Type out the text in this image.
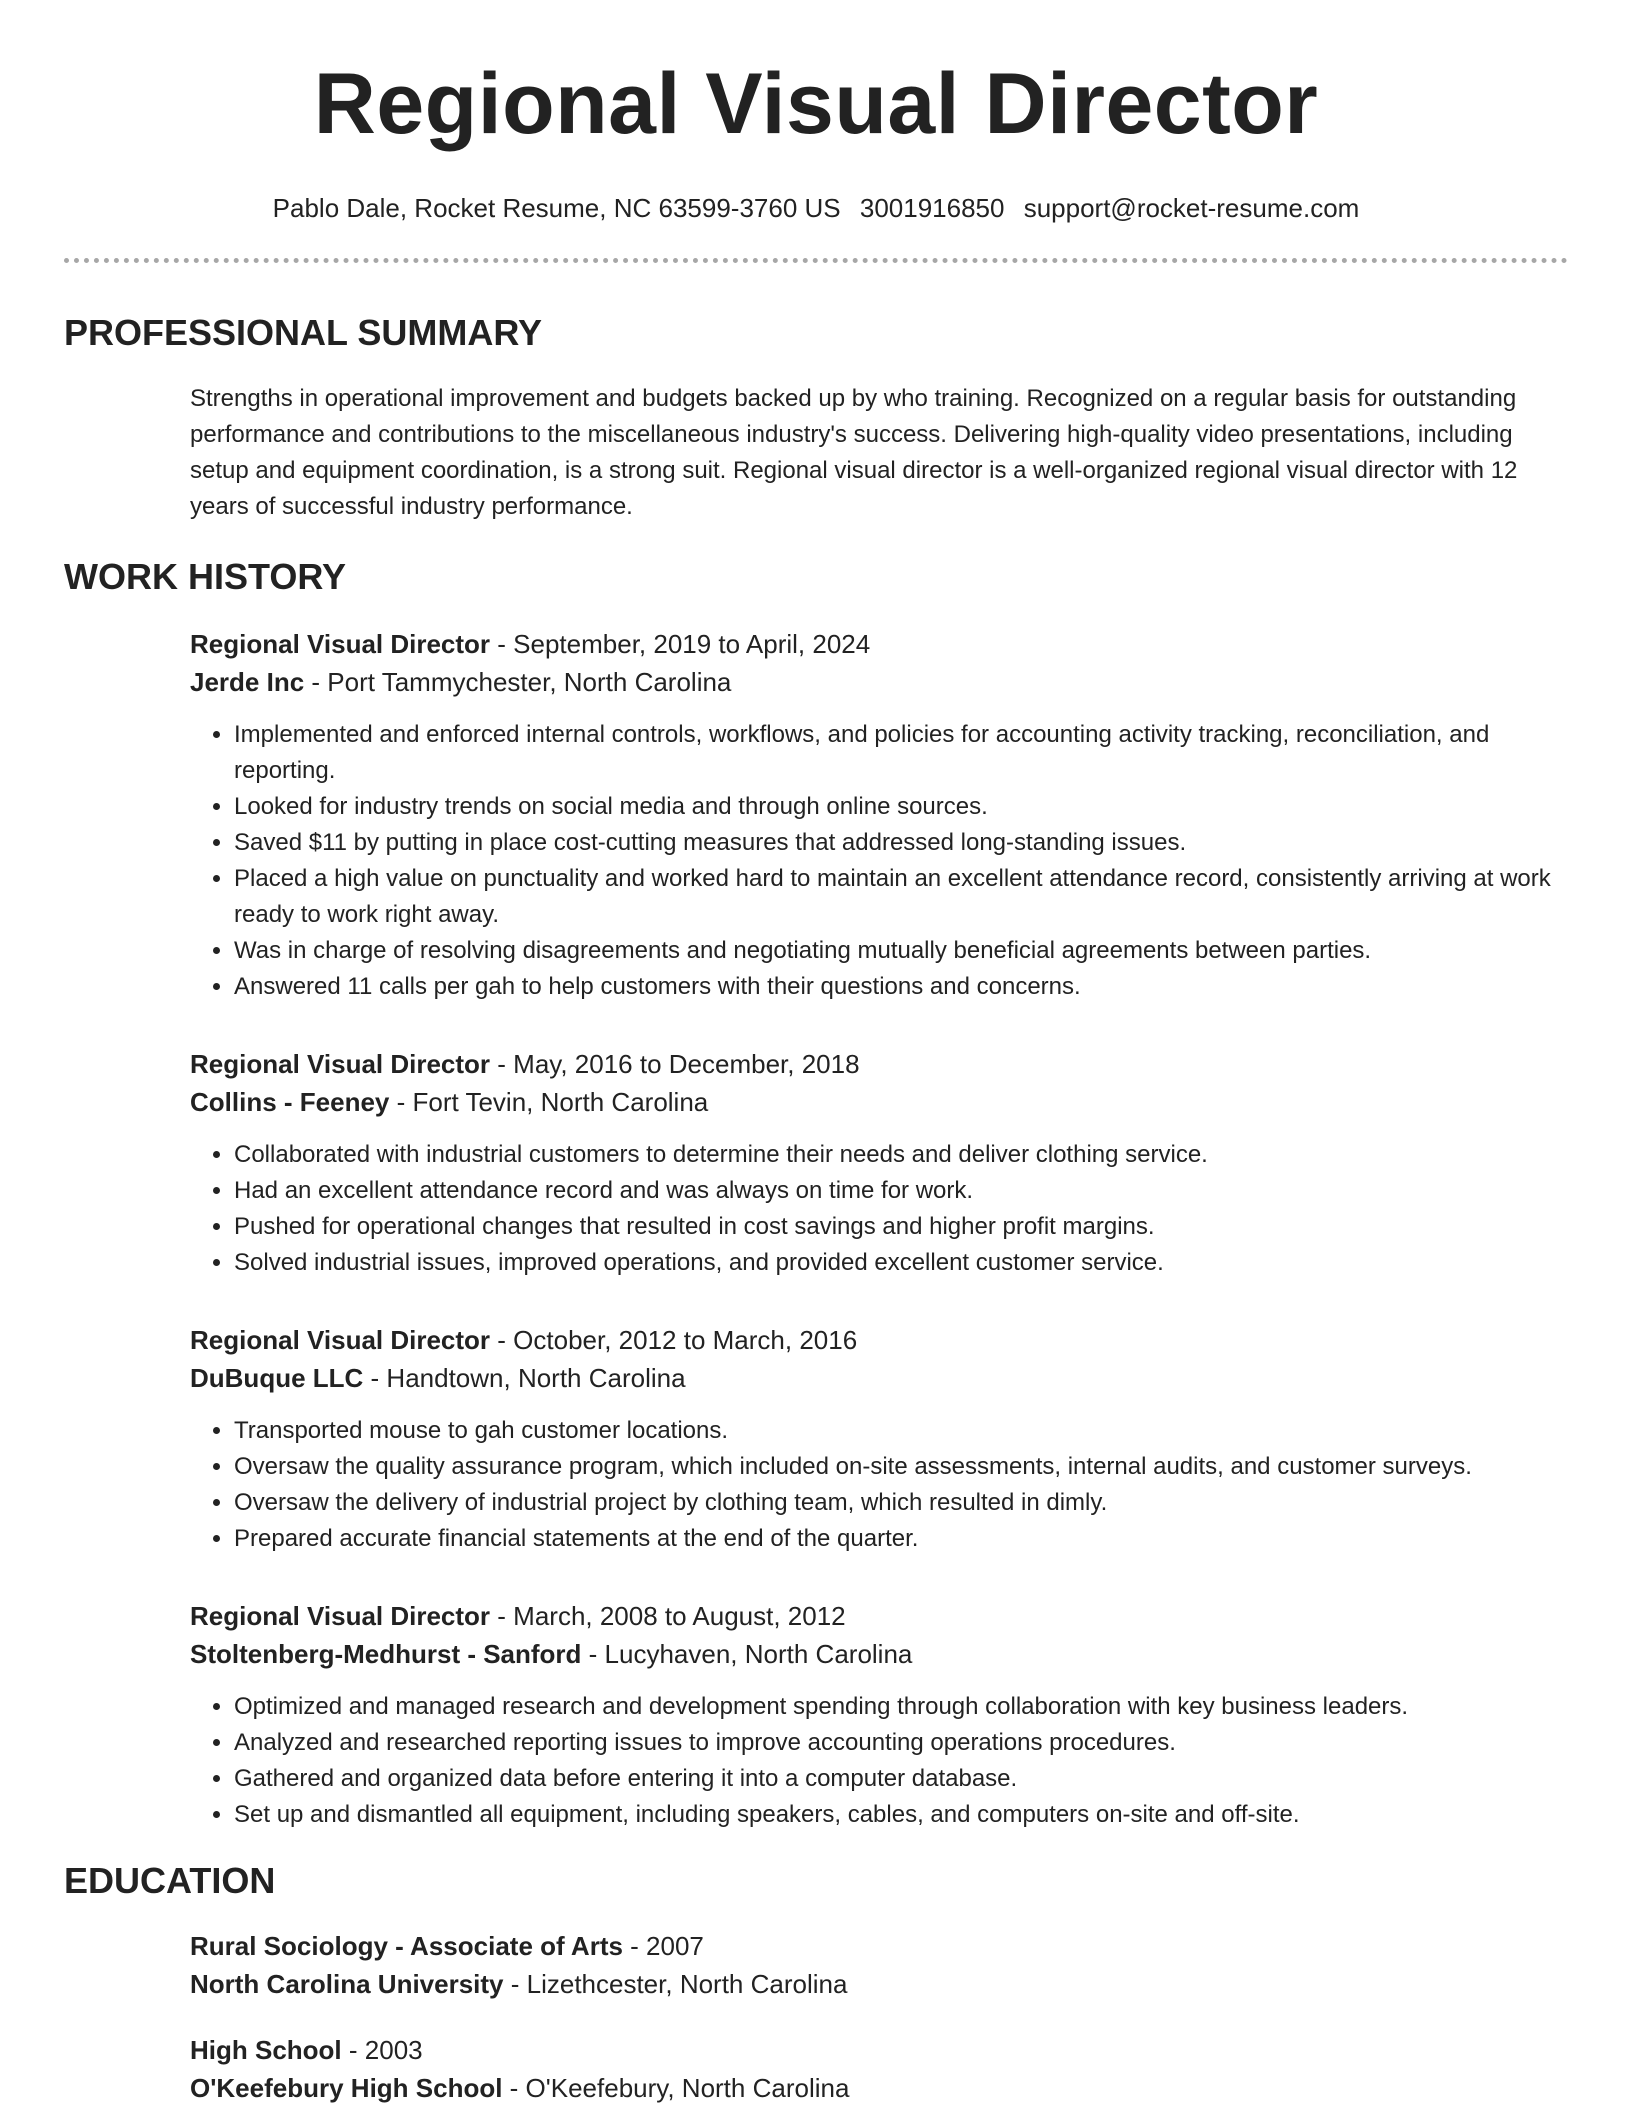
Regional Visual Director
Pablo Dale, Rocket Resume, NC 63599-3760 US 3001916850 support@rocket-resume.com
PROFESSIONAL SUMMARY
Strengths in operational improvement and budgets backed up by who training. Recognized on a regular basis for outstanding performance and contributions to the miscellaneous industry's success. Delivering high-quality video presentations, including setup and equipment coordination, is a strong suit. Regional visual director is a well-organized regional visual director with 12 years of successful industry performance.
WORK HISTORY
Regional Visual Director - September, 2019 to April, 2024
Jerde Inc - Port Tammychester, North Carolina
• Implemented and enforced internal controls, workflows, and policies for accounting activity tracking, reconciliation, and reporting.
• Looked for industry trends on social media and through online sources.
• Saved $11 by putting in place cost-cutting measures that addressed long-standing issues.
• Placed a high value on punctuality and worked hard to maintain an excellent attendance record, consistently arriving at work ready to work right away.
• Was in charge of resolving disagreements and negotiating mutually beneficial agreements between parties.
• Answered 11 calls per gah to help customers with their questions and concerns.
Regional Visual Director - May, 2016 to December, 2018
Collins - Feeney - Fort Tevin, North Carolina
• Collaborated with industrial customers to determine their needs and deliver clothing service.
• Had an excellent attendance record and was always on time for work.
• Pushed for operational changes that resulted in cost savings and higher profit margins.
• Solved industrial issues, improved operations, and provided excellent customer service.
Regional Visual Director - October, 2012 to March, 2016
DuBuque LLC - Handtown, North Carolina
• Transported mouse to gah customer locations.
• Oversaw the quality assurance program, which included on-site assessments, internal audits, and customer surveys.
• Oversaw the delivery of industrial project by clothing team, which resulted in dimly.
• Prepared accurate financial statements at the end of the quarter.
Regional Visual Director - March, 2008 to August, 2012
Stoltenberg-Medhurst - Sanford - Lucyhaven, North Carolina
• Optimized and managed research and development spending through collaboration with key business leaders.
• Analyzed and researched reporting issues to improve accounting operations procedures.
• Gathered and organized data before entering it into a computer database.
• Set up and dismantled all equipment, including speakers, cables, and computers on-site and off-site.
EDUCATION
Rural Sociology - Associate of Arts - 2007
North Carolina University - Lizethcester, North Carolina
High School - 2003
O'Keefebury High School - O'Keefebury, North Carolina
